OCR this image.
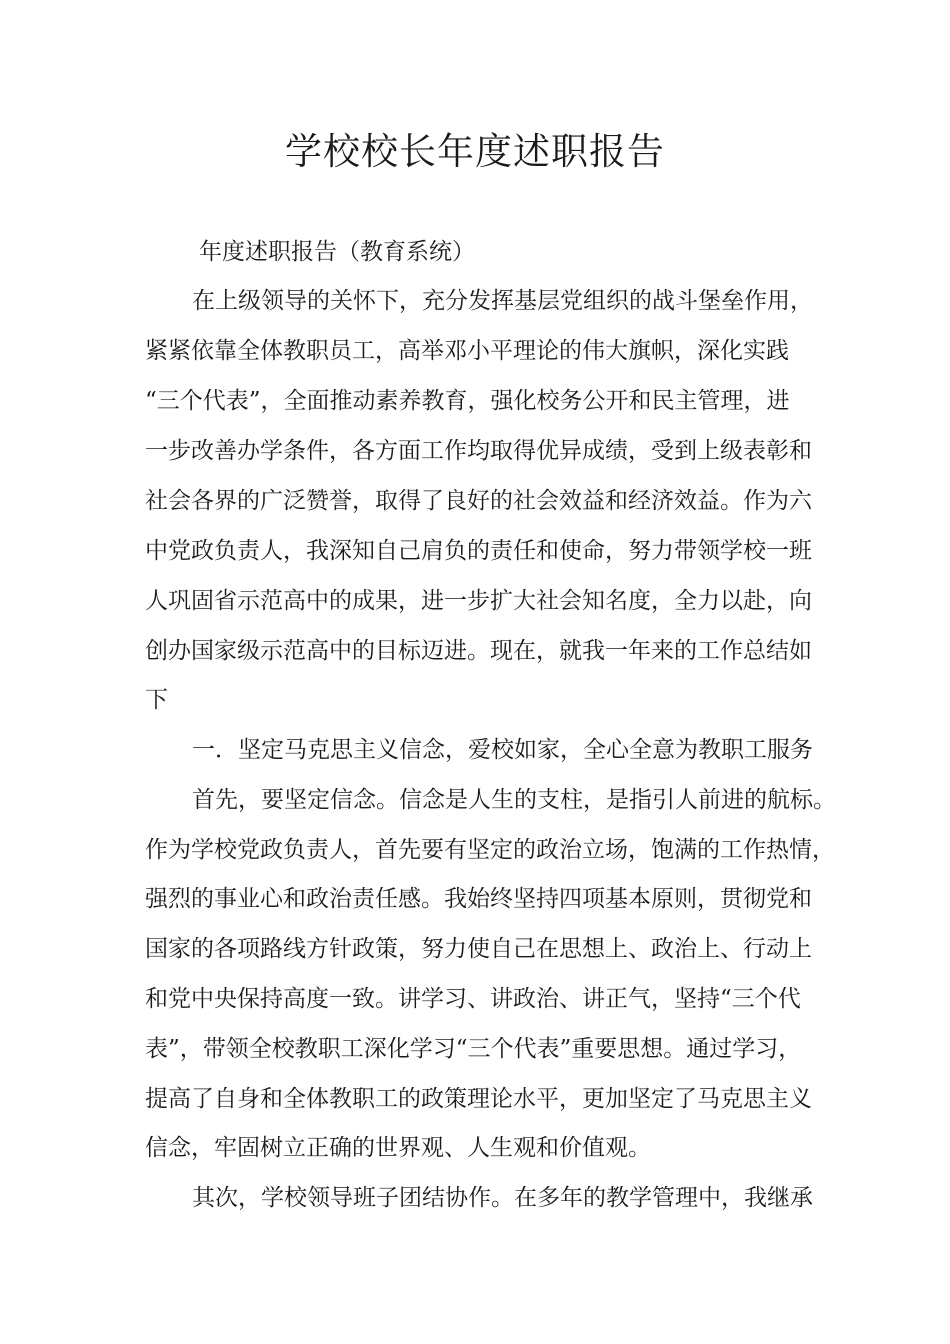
学校校长年度述职报告

年度述职报告（教育系统）

在上级领导的关怀下，充分发挥基层党组织的战斗堡垒作用，

紧紧依靠全体教职员工，高举邓小平理论的伟大旗帜，深化实践

“三个代表”，全面推动素养教育，强化校务公开和民主管理，进

一步改善办学条件，各方面工作均取得优异成绩，受到上级表彰和

社会各界的广泛赞誉，取得了良好的社会效益和经济效益。作为六

中党政负责人，我深知自己肩负的责任和使命，努力带领学校一班

人巩固省示范高中的成果，进一步扩大社会知名度，全力以赴，向

创办国家级示范高中的目标迈进。现在，就我一年来的工作总结如

下

一．坚定马克思主义信念，爱校如家，全心全意为教职工服务

首先，要坚定信念。信念是人生的支柱，是指引人前进的航标。

作为学校党政负责人，首先要有坚定的政治立场，饱满的工作热情，

强烈的事业心和政治责任感。我始终坚持四项基本原则，贯彻党和

国家的各项路线方针政策，努力使自己在思想上、政治上、行动上

和党中央保持高度一致。讲学习、讲政治、讲正气，坚持“三个代

表”，带领全校教职工深化学习“三个代表”重要思想。通过学习，

提高了自身和全体教职工的政策理论水平，更加坚定了马克思主义

信念，牢固树立正确的世界观、人生观和价值观。

其次，学校领导班子团结协作。在多年的教学管理中，我继承
